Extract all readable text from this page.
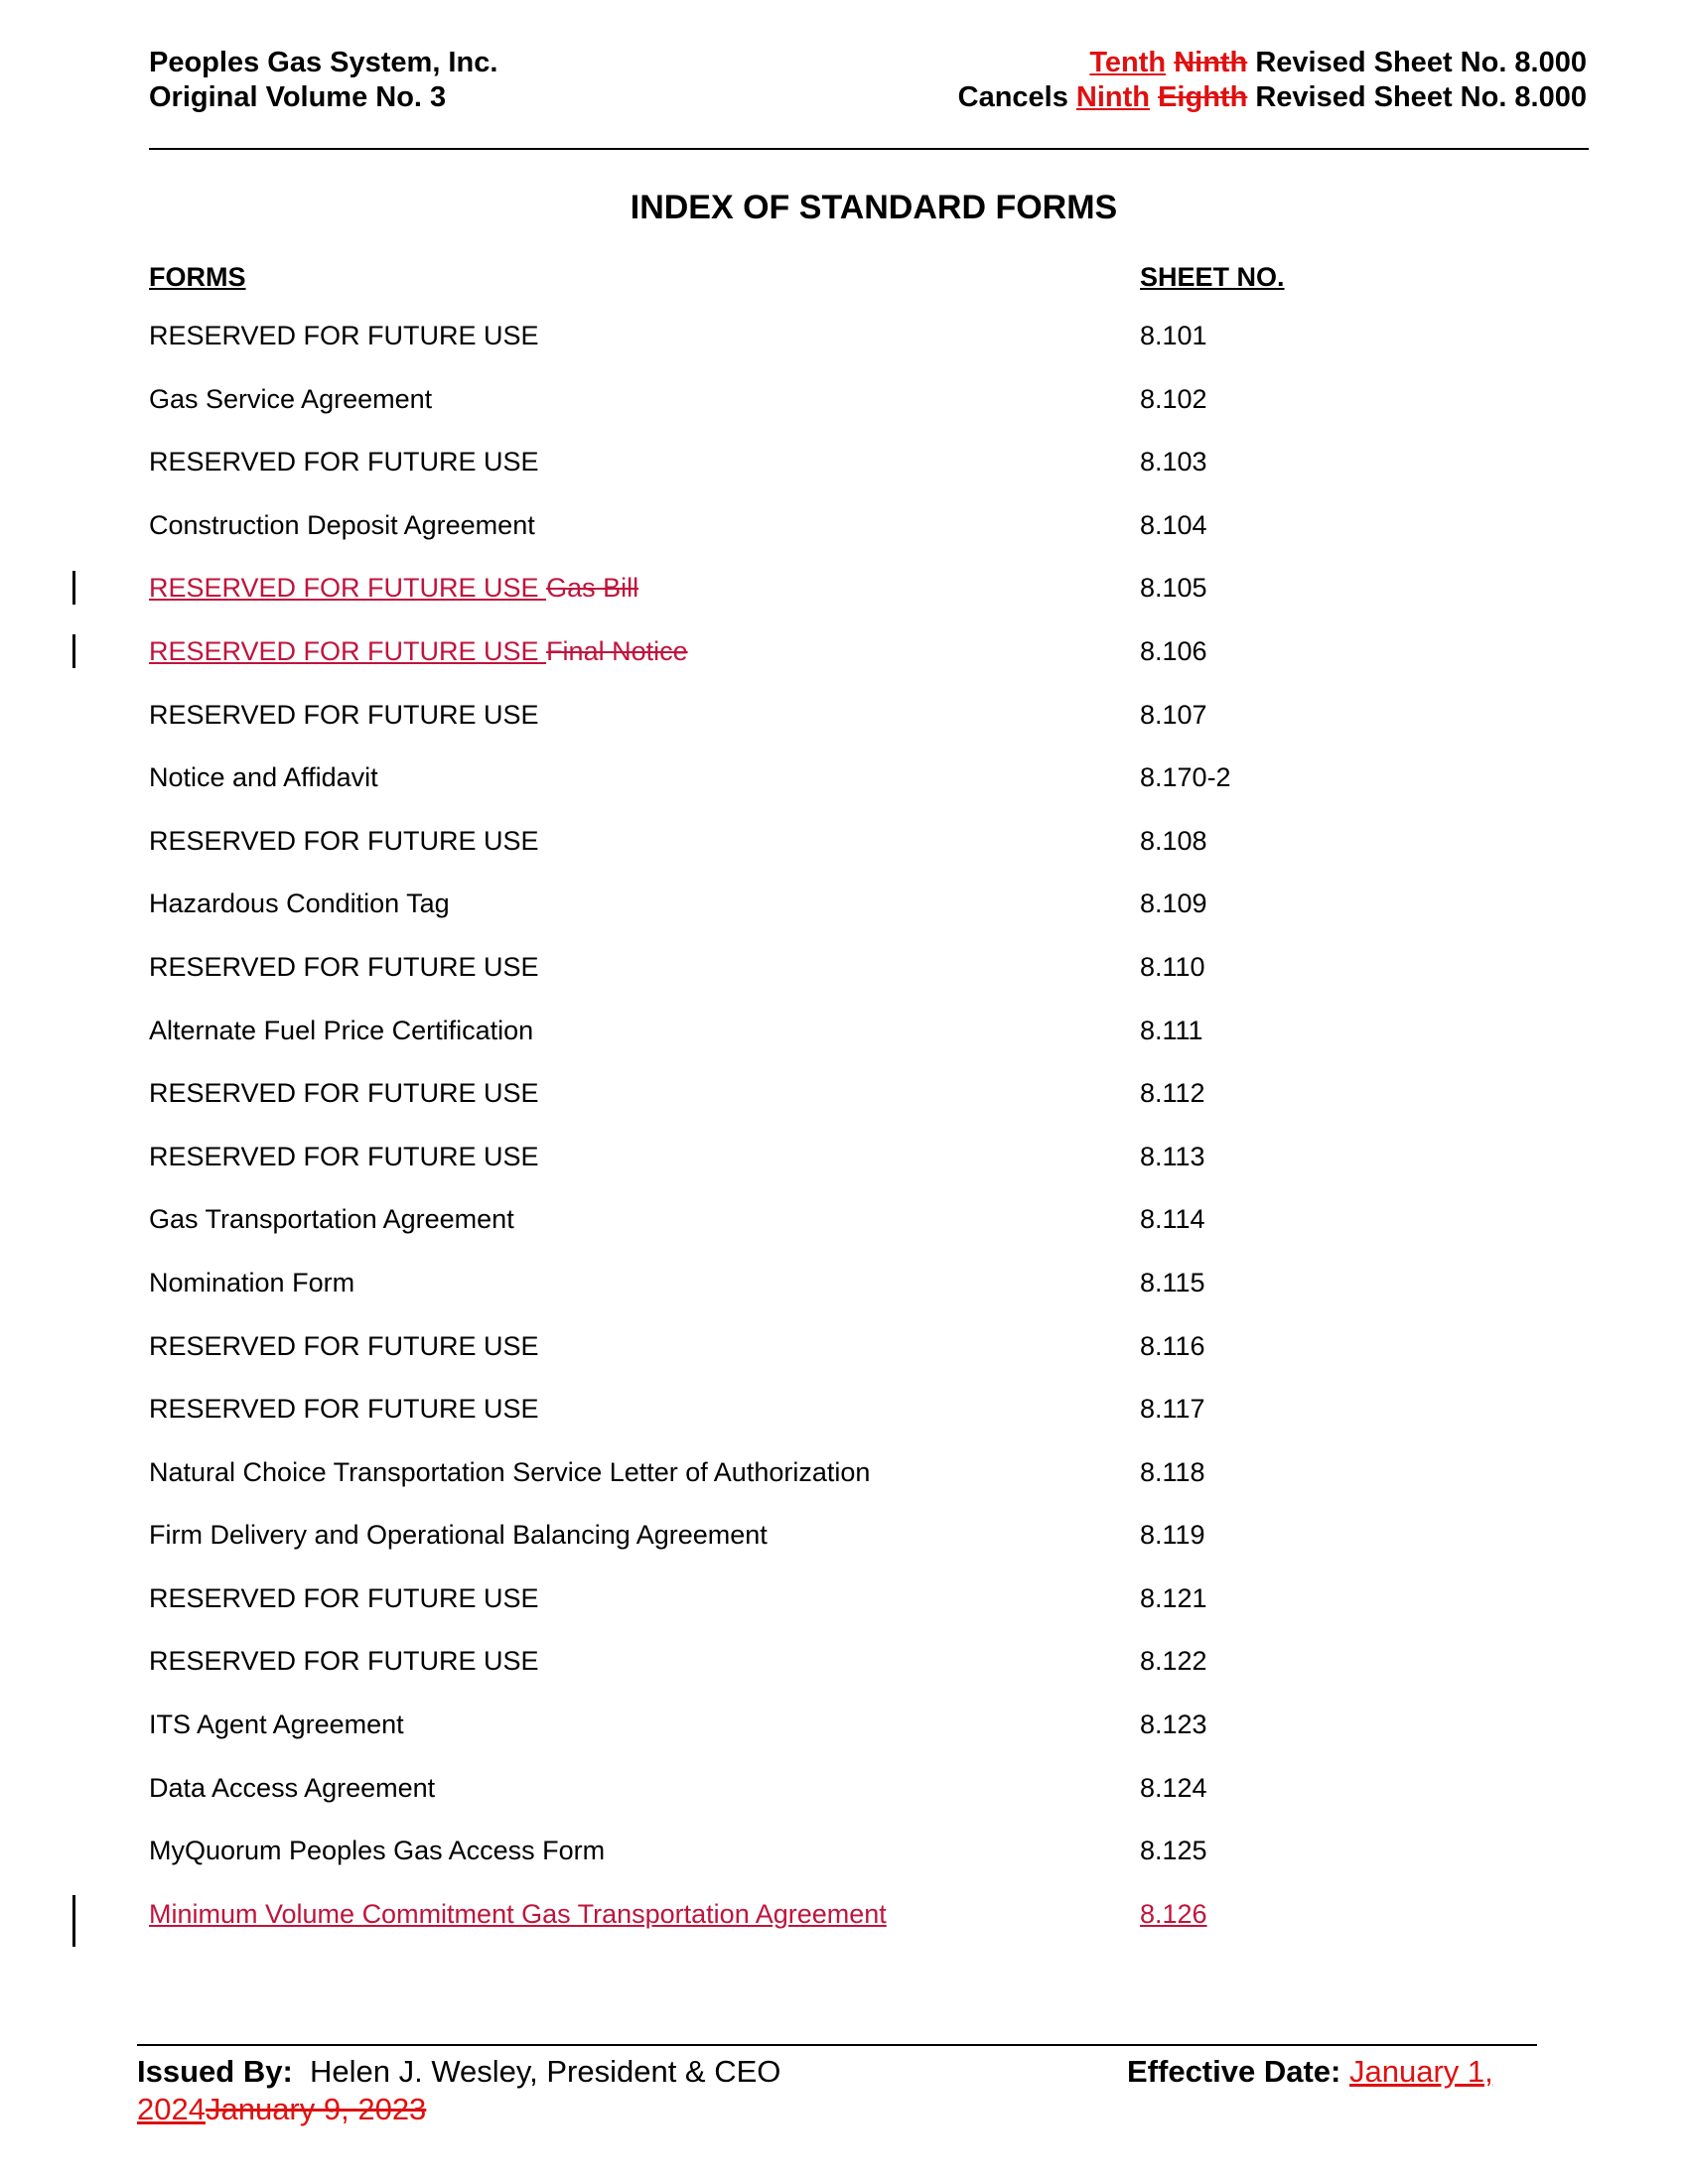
Peoples Gas System, Inc.
Original Volume No. 3
Tenth Ninth Revised Sheet No. 8.000
Cancels Ninth Eighth Revised Sheet No. 8.000
INDEX OF STANDARD FORMS
FORMS	SHEET NO.
RESERVED FOR FUTURE USE	8.101
Gas Service Agreement	8.102
RESERVED FOR FUTURE USE	8.103
Construction Deposit Agreement	8.104
RESERVED FOR FUTURE USE Gas Bill	8.105
RESERVED FOR FUTURE USE Final Notice	8.106
RESERVED FOR FUTURE USE	8.107
Notice and Affidavit	8.170-2
RESERVED FOR FUTURE USE	8.108
Hazardous Condition Tag	8.109
RESERVED FOR FUTURE USE	8.110
Alternate Fuel Price Certification	8.111
RESERVED FOR FUTURE USE	8.112
RESERVED FOR FUTURE USE	8.113
Gas Transportation Agreement	8.114
Nomination Form	8.115
RESERVED FOR FUTURE USE	8.116
RESERVED FOR FUTURE USE	8.117
Natural Choice Transportation Service Letter of Authorization	8.118
Firm Delivery and Operational Balancing Agreement	8.119
RESERVED FOR FUTURE USE	8.121
RESERVED FOR FUTURE USE	8.122
ITS Agent Agreement	8.123
Data Access Agreement	8.124
MyQuorum Peoples Gas Access Form	8.125
Minimum Volume Commitment Gas Transportation Agreement	8.126
Issued By: Helen J. Wesley, President & CEO	Effective Date: January 1,
2024January 9, 2023
